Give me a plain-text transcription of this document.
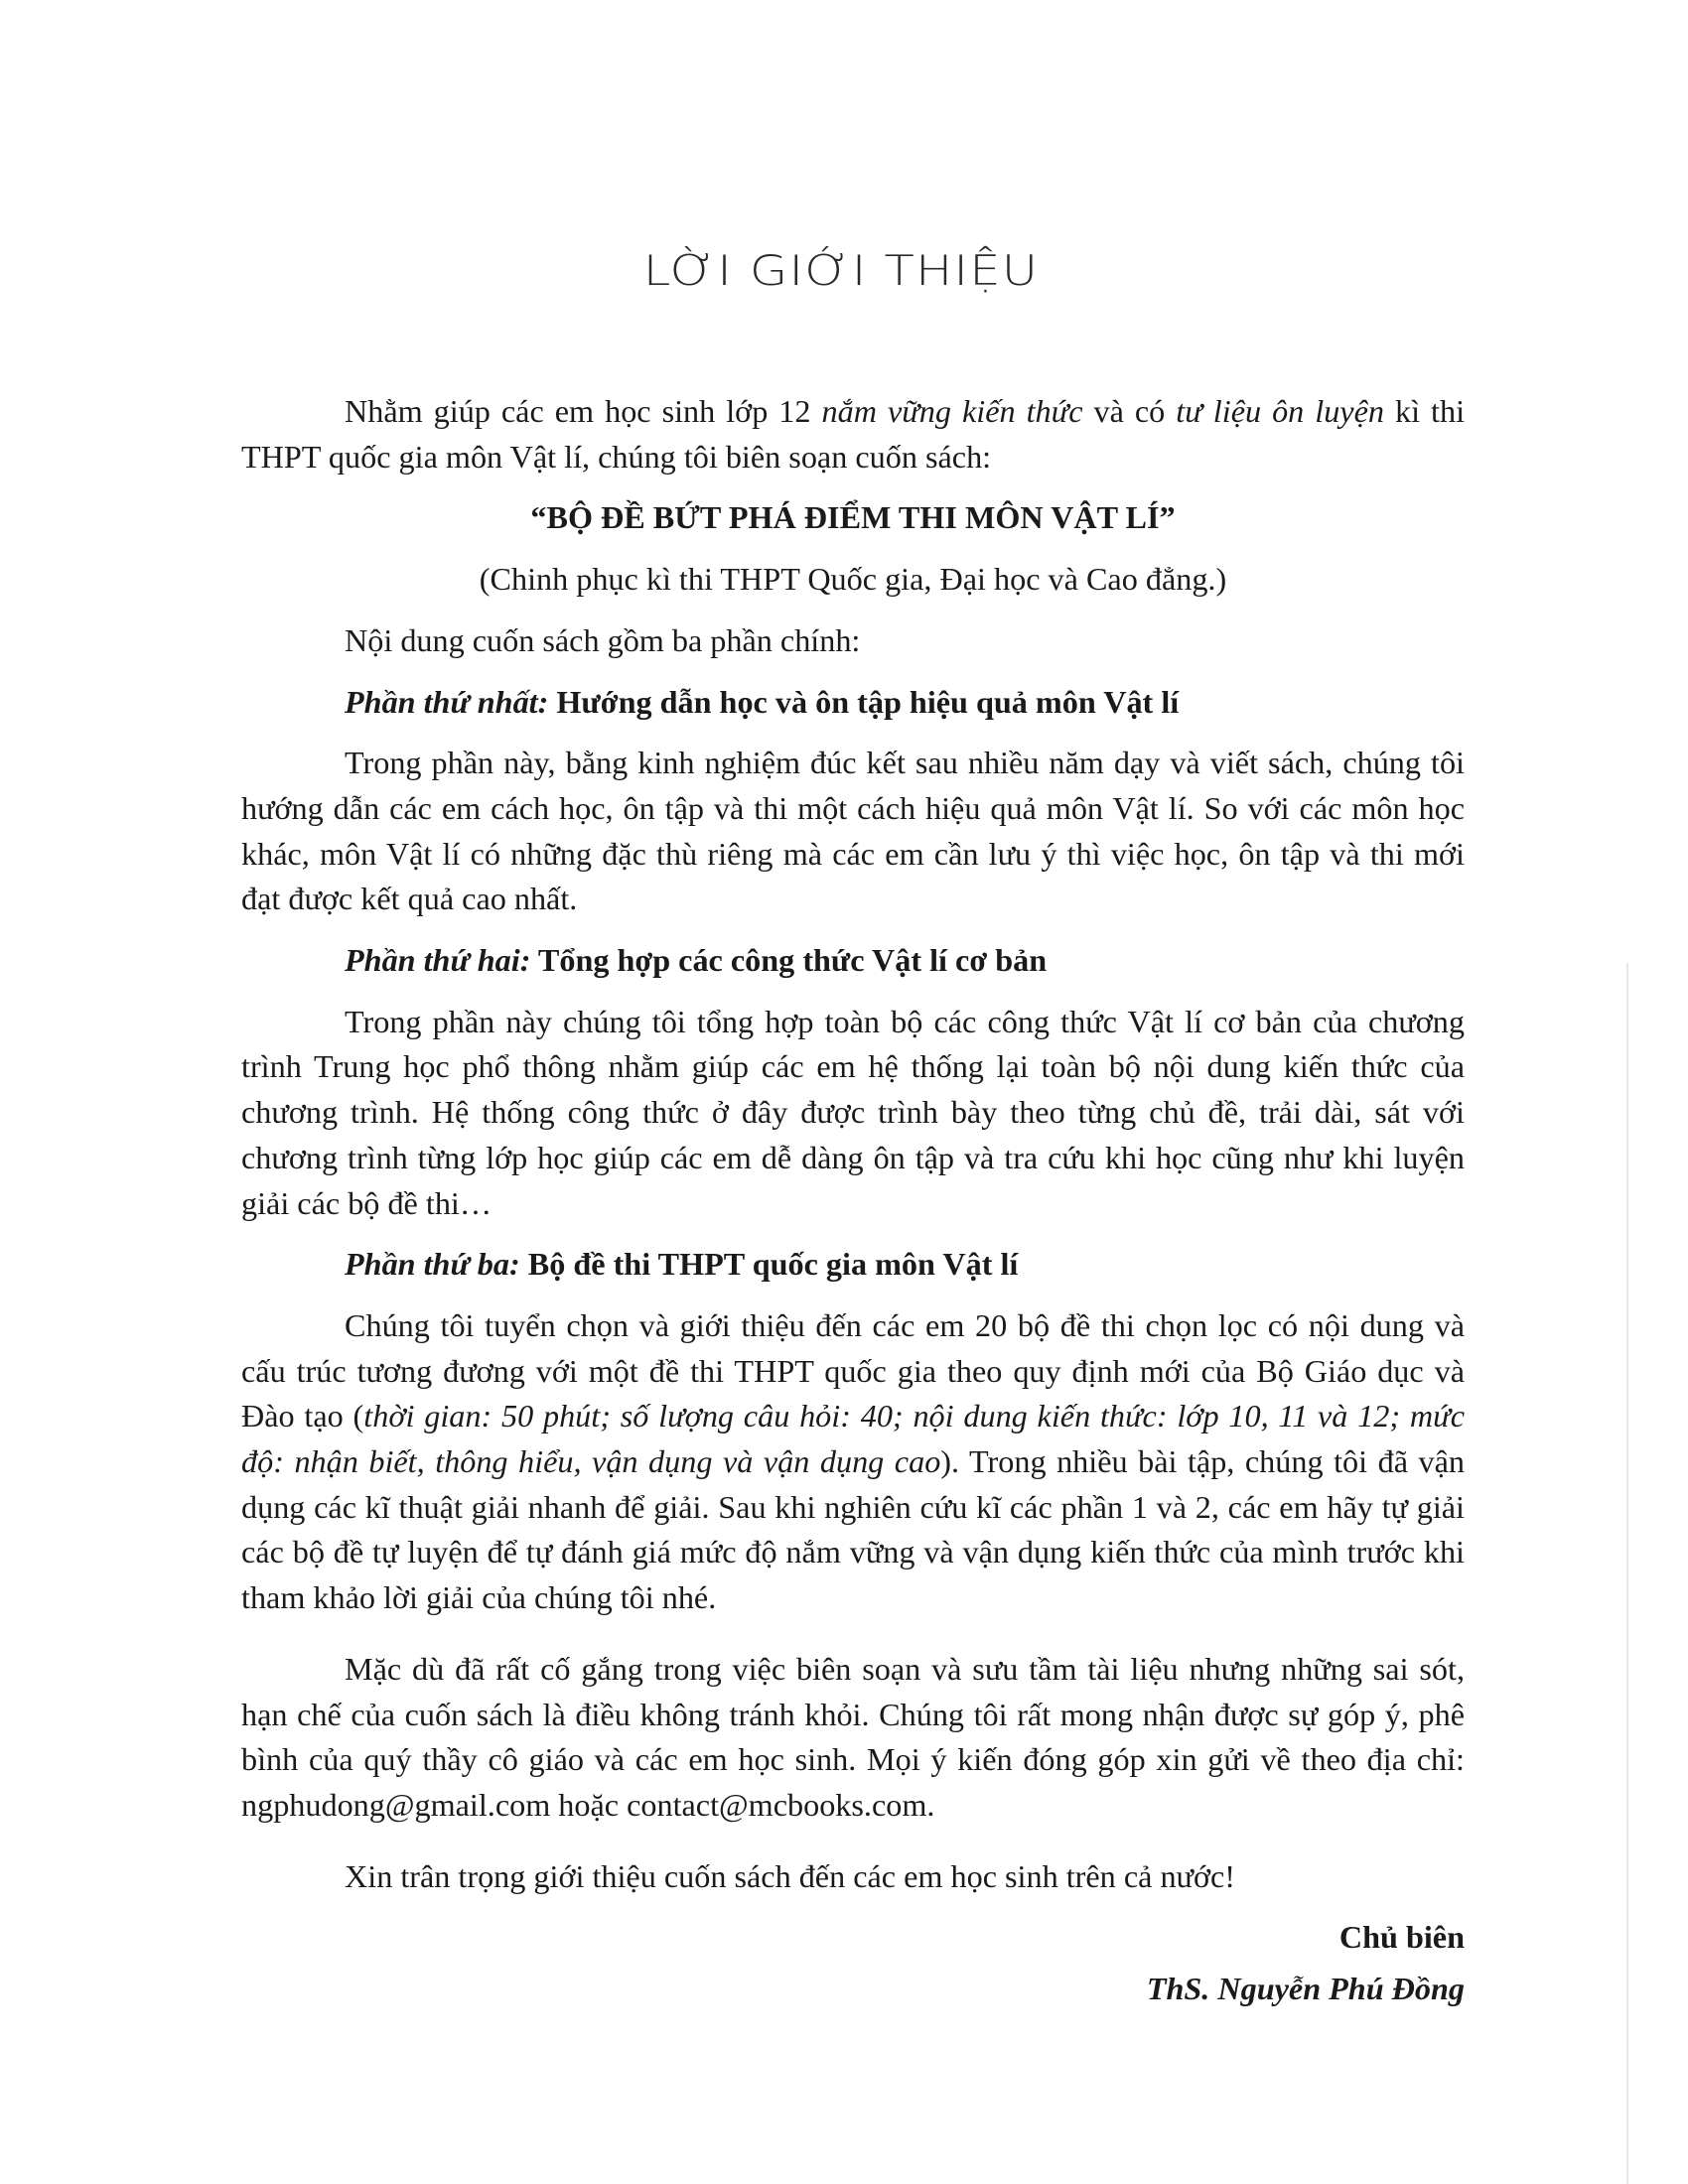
LỜI GIỚI THIỆU

Nhằm giúp các em học sinh lớp 12 nắm vững kiến thức và có tư liệu ôn luyện kì thi THPT quốc gia môn Vật lí, chúng tôi biên soạn cuốn sách:

“BỘ ĐỀ BỨT PHÁ ĐIỂM THI MÔN VẬT LÍ”

(Chinh phục kì thi THPT Quốc gia, Đại học và Cao đẳng.)

Nội dung cuốn sách gồm ba phần chính:

Phần thứ nhất: Hướng dẫn học và ôn tập hiệu quả môn Vật lí

Trong phần này, bằng kinh nghiệm đúc kết sau nhiều năm dạy và viết sách, chúng tôi hướng dẫn các em cách học, ôn tập và thi một cách hiệu quả môn Vật lí. So với các môn học khác, môn Vật lí có những đặc thù riêng mà các em cần lưu ý thì việc học, ôn tập và thi mới đạt được kết quả cao nhất.

Phần thứ hai: Tổng hợp các công thức Vật lí cơ bản

Trong phần này chúng tôi tổng hợp toàn bộ các công thức Vật lí cơ bản của chương trình Trung học phổ thông nhằm giúp các em hệ thống lại toàn bộ nội dung kiến thức của chương trình. Hệ thống công thức ở đây được trình bày theo từng chủ đề, trải dài, sát với chương trình từng lớp học giúp các em dễ dàng ôn tập và tra cứu khi học cũng như khi luyện giải các bộ đề thi…

Phần thứ ba: Bộ đề thi THPT quốc gia môn Vật lí

Chúng tôi tuyển chọn và giới thiệu đến các em 20 bộ đề thi chọn lọc có nội dung và cấu trúc tương đương với một đề thi THPT quốc gia theo quy định mới của Bộ Giáo dục và Đào tạo (thời gian: 50 phút; số lượng câu hỏi: 40; nội dung kiến thức: lớp 10, 11 và 12; mức độ: nhận biết, thông hiểu, vận dụng và vận dụng cao). Trong nhiều bài tập, chúng tôi đã vận dụng các kĩ thuật giải nhanh để giải. Sau khi nghiên cứu kĩ các phần 1 và 2, các em hãy tự giải các bộ đề tự luyện để tự đánh giá mức độ nắm vững và vận dụng kiến thức của mình trước khi tham khảo lời giải của chúng tôi nhé.

Mặc dù đã rất cố gắng trong việc biên soạn và sưu tầm tài liệu nhưng những sai sót, hạn chế của cuốn sách là điều không tránh khỏi. Chúng tôi rất mong nhận được sự góp ý, phê bình của quý thầy cô giáo và các em học sinh. Mọi ý kiến đóng góp xin gửi về theo địa chỉ: ngphudong@gmail.com hoặc contact@mcbooks.com.

Xin trân trọng giới thiệu cuốn sách đến các em học sinh trên cả nước!

Chủ biên

ThS. Nguyễn Phú Đồng
